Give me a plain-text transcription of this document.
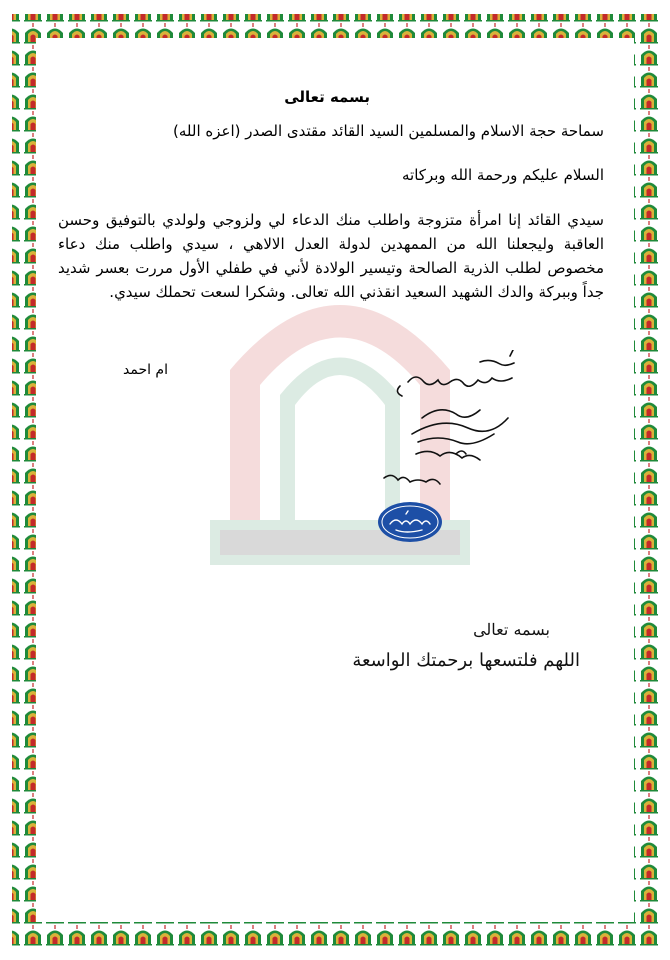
بسمه تعالى
سماحة حجة الاسلام والمسلمين السيد القائد مقتدى الصدر (اعزه الله)
السلام عليكم ورحمة الله وبركاته
سيدي القائد إنا امرأة متزوجة واطلب منك الدعاء لي ولزوجي ولولدي بالتوفيق وحسن العاقبة وليجعلنا الله من الممهدين لدولة العدل الالاهي ، سيدي واطلب منك دعاء مخصوص لطلب الذرية الصالحة وتيسير الولادة لأني في طفلي الأول مررت بعسر شديد جداً وببركة والدك الشهيد السعيد انقذني الله تعالى. وشكرا لسعت تحملك سيدي.
ام احمد
بسمه تعالى
اللهم فلتسعها برحمتك الواسعة
